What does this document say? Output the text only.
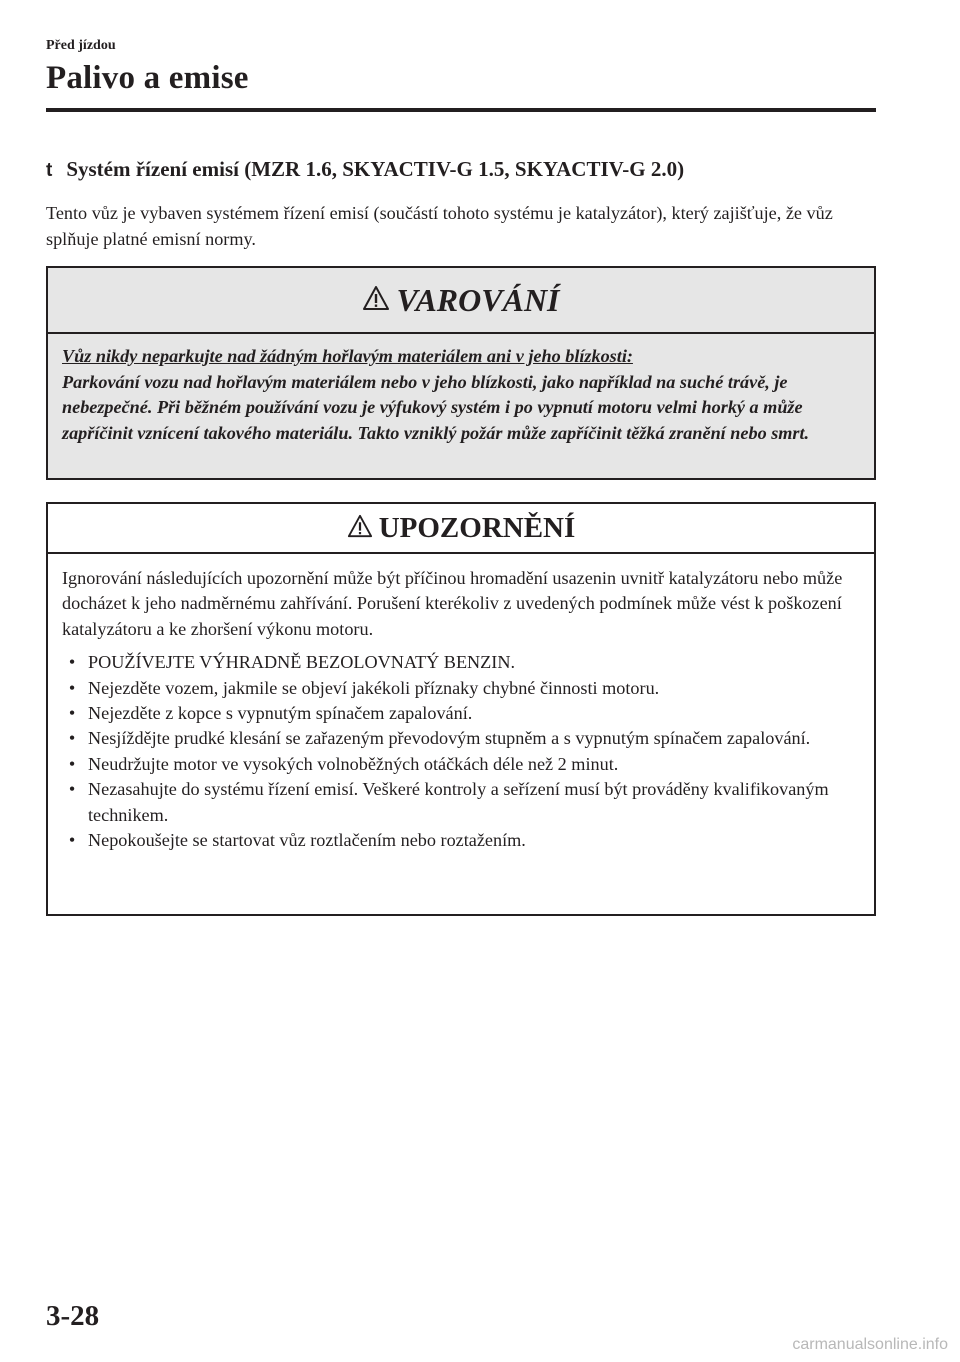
Před jízdou
Palivo a emise
t Systém řízení emisí (MZR 1.6, SKYACTIV-G 1.5, SKYACTIV-G 2.0)

Tento vůz je vybaven systémem řízení emisí (součástí tohoto systému je katalyzátor), který zajišťuje, že vůz splňuje platné emisní normy.

VAROVÁNÍ
Vůz nikdy neparkujte nad žádným hořlavým materiálem ani v jeho blízkosti:
Parkování vozu nad hořlavým materiálem nebo v jeho blízkosti, jako například na suché trávě, je nebezpečné. Při běžném používání vozu je výfukový systém i po vypnutí motoru velmi horký a může zapříčinit vznícení takového materiálu. Takto vzniklý požár může zapříčinit těžká zranění nebo smrt.
UPOZORNĚNÍ

Ignorování následujících upozornění může být příčinou hromadění usazenin uvnitř katalyzátoru nebo může docházet k jeho nadměrnému zahřívání. Porušení kterékoliv z uvedených podmínek může vést k poškození katalyzátoru a ke zhoršení výkonu motoru.

• POUŽÍVEJTE VÝHRADNĚ BEZOLOVNATÝ BENZIN.
• Nejezděte vozem, jakmile se objeví jakékoli příznaky chybné činnosti motoru.
• Nejezděte z kopce s vypnutým spínačem zapalování.
• Nesjíždějte prudké klesání se zařazeným převodovým stupněm a s vypnutým spínačem zapalování.
• Neudržujte motor ve vysokých volnoběžných otáčkách déle než 2 minut.
• Nezasahujte do systému řízení emisí. Veškeré kontroly a seřízení musí být prováděny kvalifikovaným technikem.
• Nepokoušejte se startovat vůz roztlačením nebo roztažením.
3-28
carmanualsonline.info
